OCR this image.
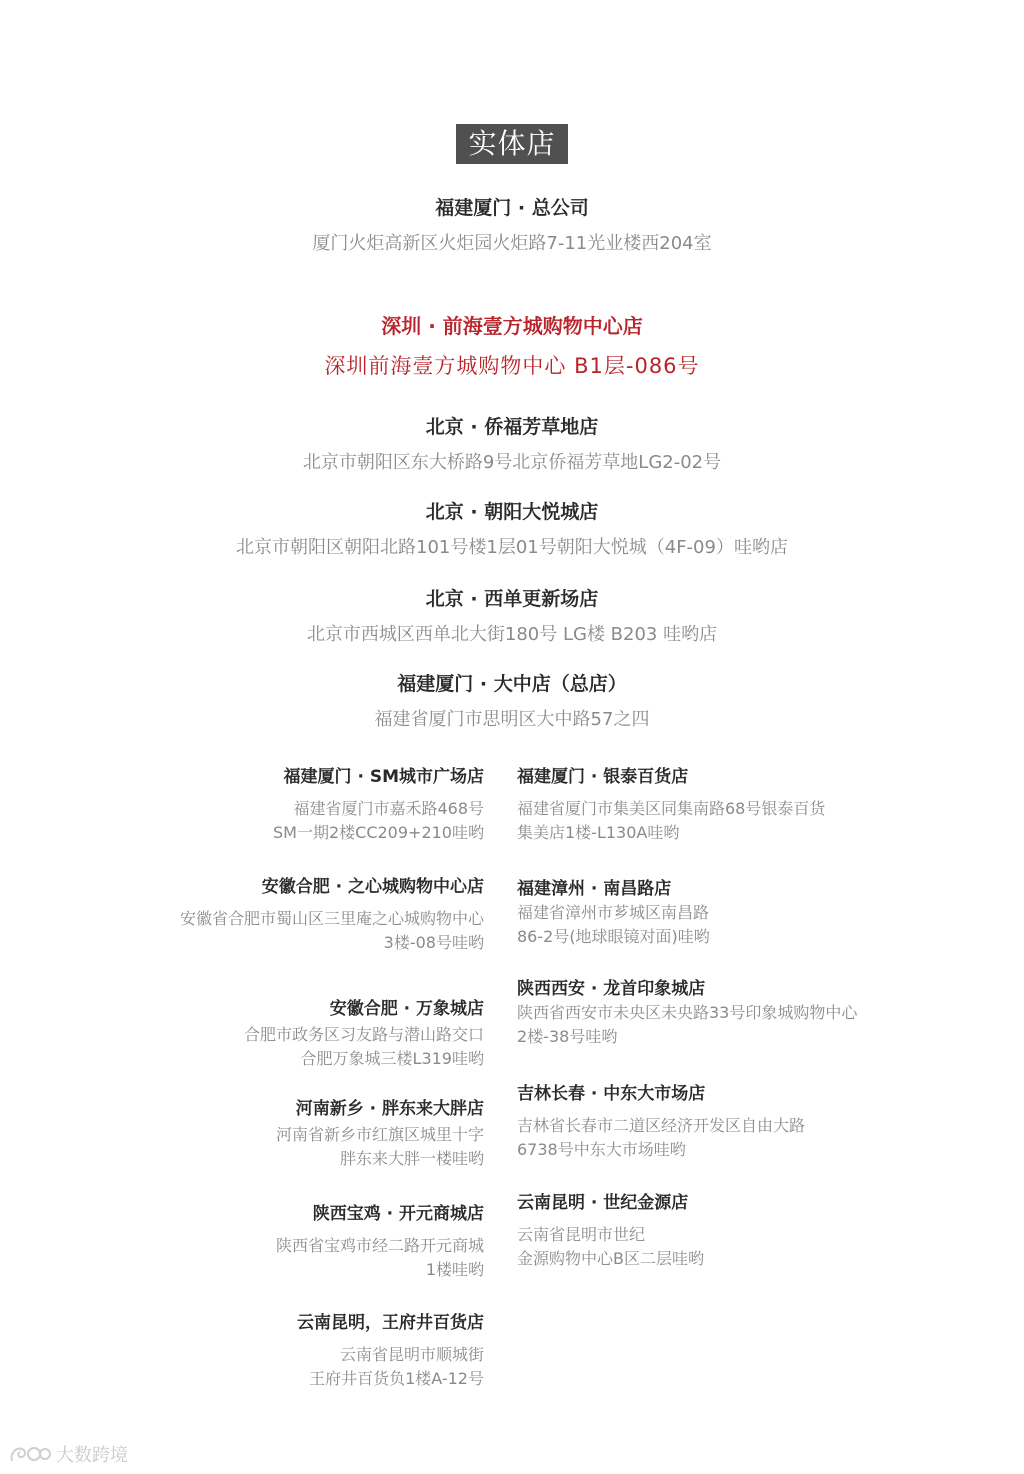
实体店
福建厦门 · 总公司
厦门火炬高新区火炬园火炬路7-11光业楼西204室
深圳 · 前海壹方城购物中心店
深圳前海壹方城购物中心 B1层-086号
北京 · 侨福芳草地店
北京市朝阳区东大桥路9号北京侨福芳草地LG2-02号
北京 · 朝阳大悦城店
北京市朝阳区朝阳北路101号楼1层01号朝阳大悦城（4F-09）哇哟店
北京 · 西单更新场店
北京市西城区西单北大街180号 LG楼 B203 哇哟店
福建厦门 · 大中店（总店）
福建省厦门市思明区大中路57之四
福建厦门 · SM城市广场店
福建省厦门市嘉禾路468号
SM一期2楼CC209+210哇哟
安徽合肥 · 之心城购物中心店
安徽省合肥市蜀山区三里庵之心城购物中心
3楼-08号哇哟
安徽合肥 · 万象城店
合肥市政务区习友路与潜山路交口
合肥万象城三楼L319哇哟
河南新乡 · 胖东来大胖店
河南省新乡市红旗区城里十字
胖东来大胖一楼哇哟
陕西宝鸡 · 开元商城店
陕西省宝鸡市经二路开元商城
1楼哇哟
云南昆明，王府井百货店
云南省昆明市顺城街
王府井百货负1楼A-12号
福建厦门 · 银泰百货店
福建省厦门市集美区同集南路68号银泰百货
集美店1楼-L130A哇哟
福建漳州 · 南昌路店
福建省漳州市芗城区南昌路
86-2号(地球眼镜对面)哇哟
陕西西安 · 龙首印象城店
陕西省西安市未央区未央路33号印象城购物中心
2楼-38号哇哟
吉林长春 · 中东大市场店
吉林省长春市二道区经济开发区自由大路
6738号中东大市场哇哟
云南昆明 · 世纪金源店
云南省昆明市世纪
金源购物中心B区二层哇哟
大数跨境
